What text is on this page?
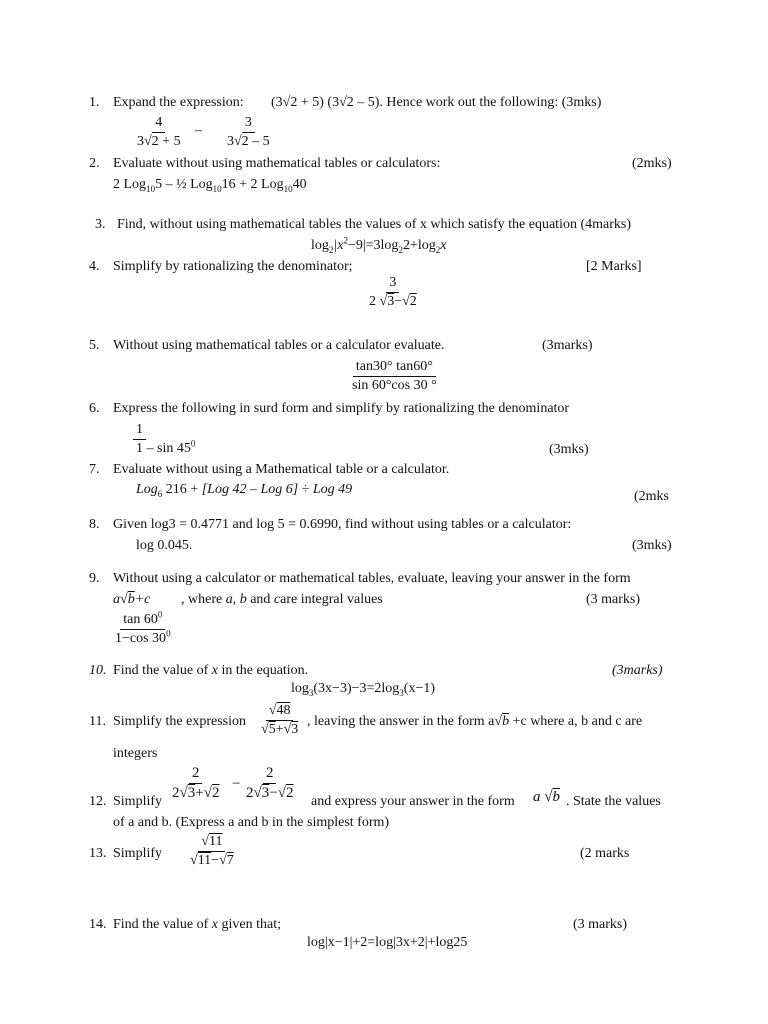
1. Expand the expression: (3√2 + 5) (3√2 – 5). Hence work out the following: (3mks)
$\frac{4}{3√2 + 5} - \frac{3}{3√2 - 5}$
2. Evaluate without using mathematical tables or calculators:	(2mks)
2 Log$_{10}$5 – ½ Log$_{10}$16 + 2 Log$_{10}$40
3. Find, without using mathematical tables the values of x which satisfy the equation (4marks)
$\log_2|x^2-9|=3\log_22+\log_2x$
4. Simplify by rationalizing the denominator;	[2 Marks]
$\frac{3}{2 √3-√2}$
5. Without using mathematical tables or a calculator evaluate.	(3marks)
$\frac{\tan 30^\circ \tan 60^\circ}{\sin 60^\circ\cos 30 ^\circ}$
6. Express the following in surd form and simplify by rationalizing the denominator
$\frac{1}{1 - \sin 45^0}$	(3mks)
7. Evaluate without using a Mathematical table or a calculator.
Log$_6$ 216 + [Log 42 – Log 6] ÷ Log 49	(2mks
8. Given log3 = 0.4771 and log 5 = 0.6990, find without using tables or a calculator:
log 0.045.	(3mks)
9. Without using a calculator or mathematical tables, evaluate, leaving your answer in the form
a√b+c , where a, b and care integral values	(3 marks)
$\frac{\tan 60^0}{1-\cos 30^0}$
10. Find the value of x in the equation.	(3marks)
$\log_3(3x-3)-3=2\log_3(x-1)$
11. Simplify the expression $\frac{√48}{√5+√3}$ , leaving the answer in the form a√b +c where a, b and c are
integers
12. Simplify
$\frac{2}{2√3+√2} - \frac{2}{2√3-√2}$
and express your answer in the form a √b . State the values
of a and b. (Express a and b in the simplest form)
13. Simplify $\frac{√11}{√11-√7}$	(2 marks
14. Find the value of x given that;	(3 marks)
log|x−1|+2=log|3x+2|+log25
